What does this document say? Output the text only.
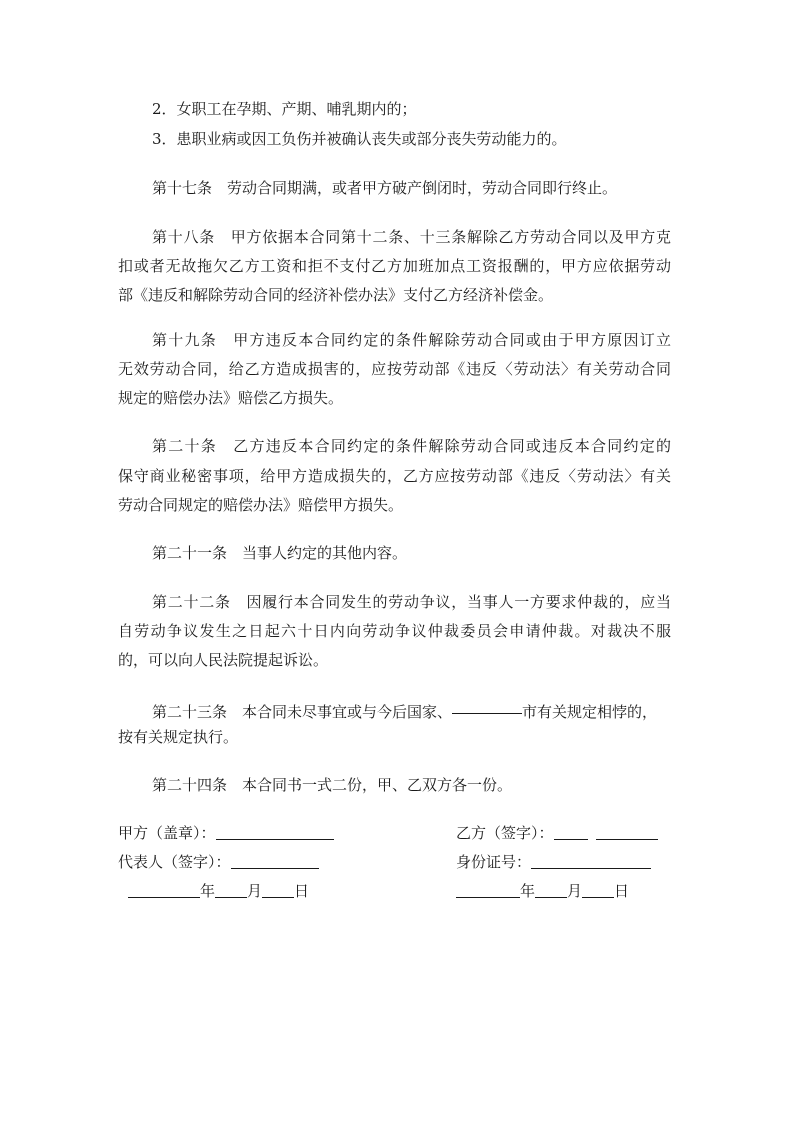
2．女职工在孕期、产期、哺乳期内的；
3．患职业病或因工负伤并被确认丧失或部分丧失劳动能力的。
第十七条　劳动合同期满，或者甲方破产倒闭时，劳动合同即行终止。
第十八条　甲方依据本合同第十二条、十三条解除乙方劳动合同以及甲方克
扣或者无故拖欠乙方工资和拒不支付乙方加班加点工资报酬的，甲方应依据劳动
部《违反和解除劳动合同的经济补偿办法》支付乙方经济补偿金。
第十九条　甲方违反本合同约定的条件解除劳动合同或由于甲方原因订立
无效劳动合同，给乙方造成损害的，应按劳动部《违反〈劳动法〉有关劳动合同
规定的赔偿办法》赔偿乙方损失。
第二十条　乙方违反本合同约定的条件解除劳动合同或违反本合同约定的
保守商业秘密事项，给甲方造成损失的，乙方应按劳动部《违反〈劳动法〉有关
劳动合同规定的赔偿办法》赔偿甲方损失。
第二十一条　当事人约定的其他内容。
第二十二条　因履行本合同发生的劳动争议，当事人一方要求仲裁的，应当
自劳动争议发生之日起六十日内向劳动争议仲裁委员会申请仲裁。对裁决不服
的，可以向人民法院提起诉讼。
第二十三条　本合同未尽事宜或与今后国家、	市有关规定相悖的，
按有关规定执行。
第二十四条　本合同书一式二份，甲、乙双方各一份。
甲方（盖章）：
代表人（签字）：
年 月 日
乙方（签字）：
身份证号：
年 月 日
